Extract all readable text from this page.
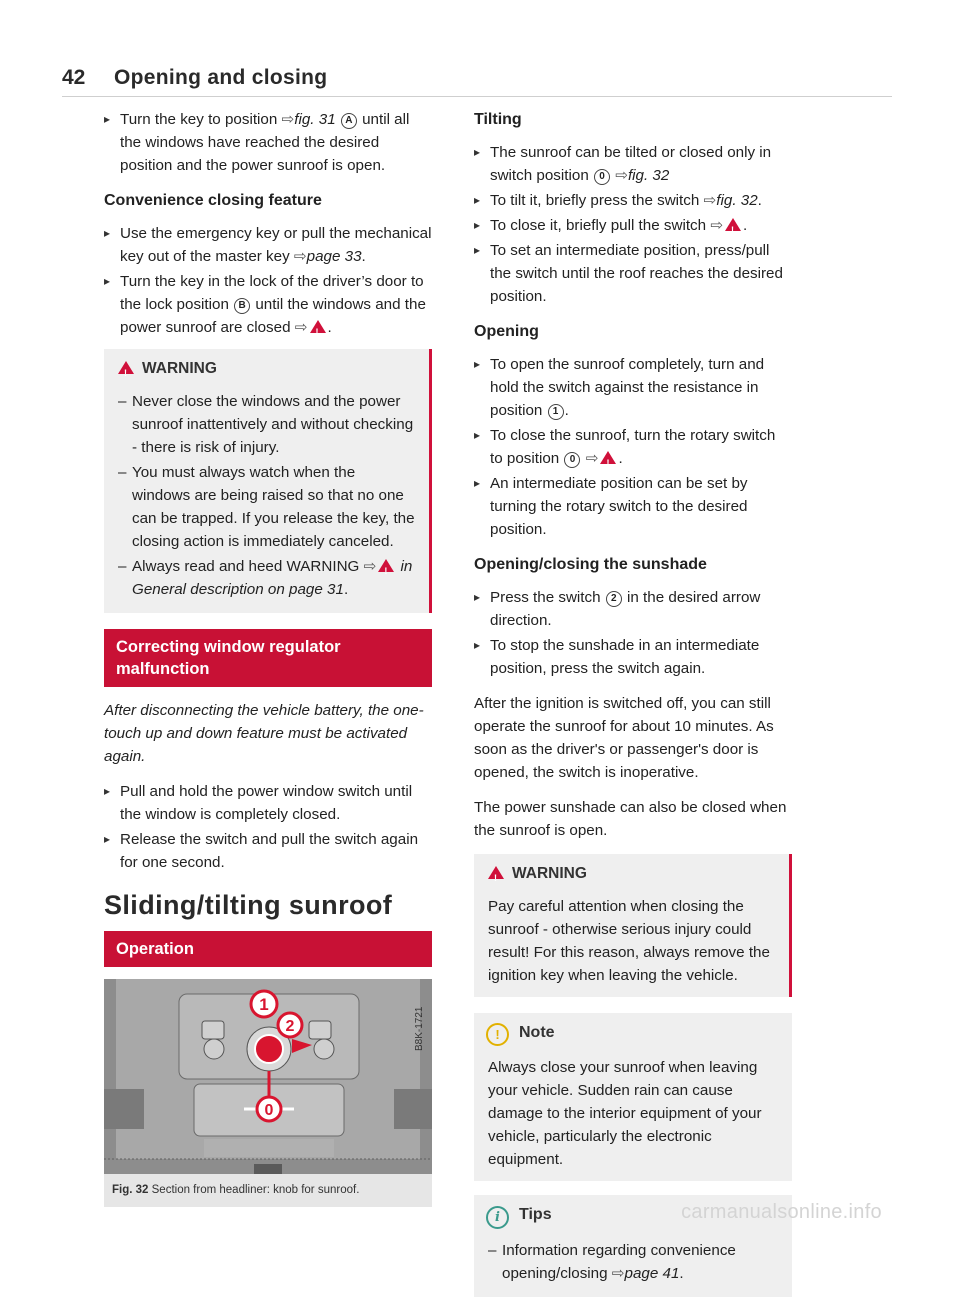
42 Opening and closing
▸ Turn the key to position ⇨fig. 31 A until all the windows have reached the desired position and the power sunroof is open.
Convenience closing feature
▸ Use the emergency key or pull the mechanical key out of the master key ⇨page 33.
▸ Turn the key in the lock of the driver’s door to the lock position B until the windows and the power sunroof are closed ⇨ ! .
!WARNING
– Never close the windows and the power sunroof inattentively and without checking - there is risk of injury.
– You must always watch when the windows are being raised so that no one can be trapped. If you release the key, the closing action is immediately canceled.
– Always read and heed WARNING ⇨! in General description on page 31.
Correcting window regulator malfunction

After disconnecting the vehicle battery, the one-touch up and down feature must be activated again.

▸ Pull and hold the power window switch until the window is completely closed.
▸ Release the switch and pull the switch again for one second.
Sliding/tilting sunroof
Operation
1
2
0
B8K-1721
Fig. 32 Section from headliner: knob for sunroof.
Tilting
▸ The sunroof can be tilted or closed only in switch position 0 ⇨fig. 32
▸ To tilt it, briefly press the switch ⇨fig. 32.
▸ To close it, briefly pull the switch ⇨ ! .
▸ To set an intermediate position, press/pull the switch until the roof reaches the desired position.
Opening
▸ To open the sunroof completely, turn and hold the switch against the resistance in position 1 .
▸ To close the sunroof, turn the rotary switch to position 0 ⇨ ! .
▸ An intermediate position can be set by turning the rotary switch to the desired position.
Opening/closing the sunshade
▸ Press the switch 2 in the desired arrow direction.
▸ To stop the sunshade in an intermediate position, press the switch again.

After the ignition is switched off, you can still operate the sunroof for about 10 minutes. As soon as the driver's or passenger's door is opened, the switch is inoperative.

The power sunshade can also be closed when the sunroof is open.

!WARNING
Pay careful attention when closing the sunroof - otherwise serious injury could result! For this reason, always remove the ignition key when leaving the vehicle.
! Note
Always close your sunroof when leaving your vehicle. Sudden rain can cause damage to the interior equipment of your vehicle, particularly the electronic equipment.
i Tips
– Information regarding convenience opening/closing ⇨page 41.
carmanualsonline.info
